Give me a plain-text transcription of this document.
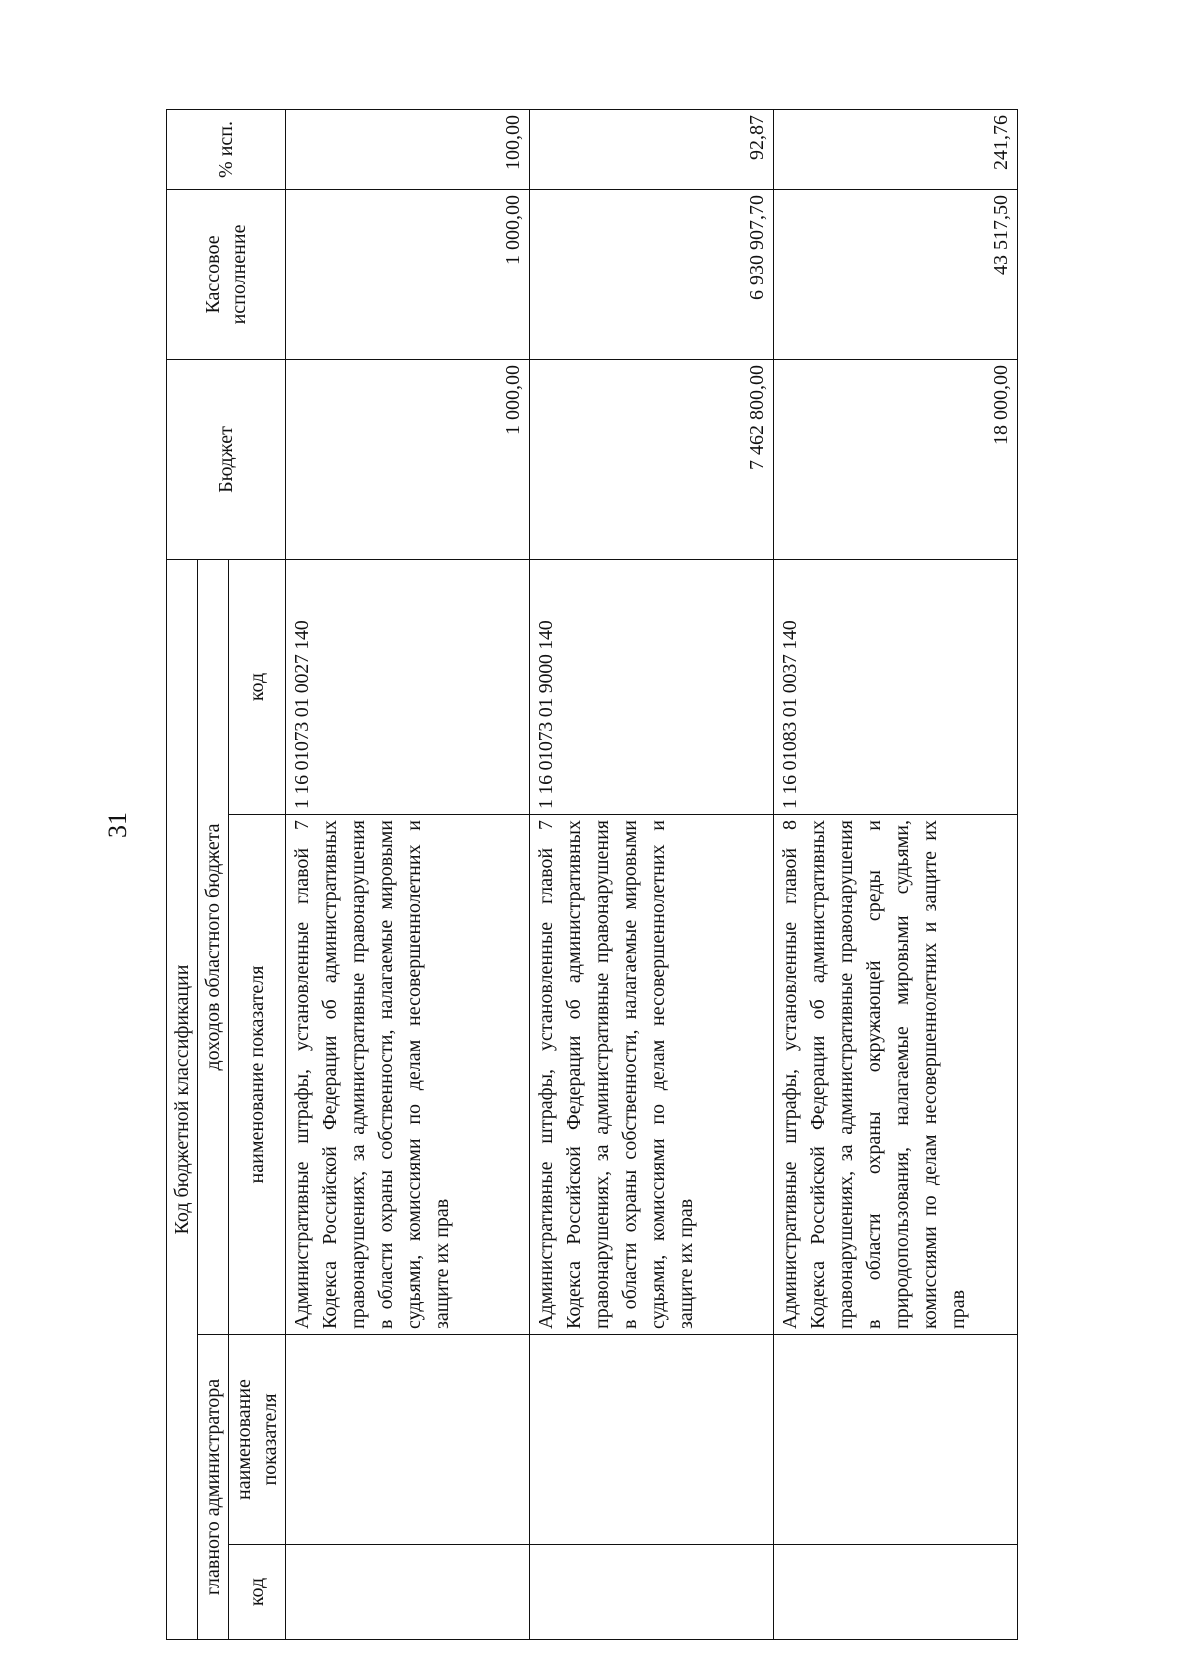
31
Код бюджетной классификации				Бюджет	Кассовое исполнение	% исп.
главного администратора		доходов областного бюджета				
код	наименование показателя	наименование показателя	код			
		Административные штрафы, установленные главой 7 Кодекса Российской Федерации об административных правонарушениях, за административные правонарушения в области охраны собственности, налагаемые мировыми судьями, комиссиями по делам несовершеннолетних и защите их прав	1 16 01073 01 0027 140	1 000,00	1 000,00	100,00
		Административные штрафы, установленные главой 7 Кодекса Российской Федерации об административных правонарушениях, за административные правонарушения в области охраны собственности, налагаемые мировыми судьями, комиссиями по делам несовершеннолетних и защите их прав	1 16 01073 01 9000 140	7 462 800,00	6 930 907,70	92,87
		Административные штрафы, установленные главой 8 Кодекса Российской Федерации об административных правонарушениях, за административные правонарушения в области охраны окружающей среды и природопользования, налагаемые мировыми судьями, комиссиями по делам несовершеннолетних и защите их прав	1 16 01083 01 0037 140	18 000,00	43 517,50	241,76
